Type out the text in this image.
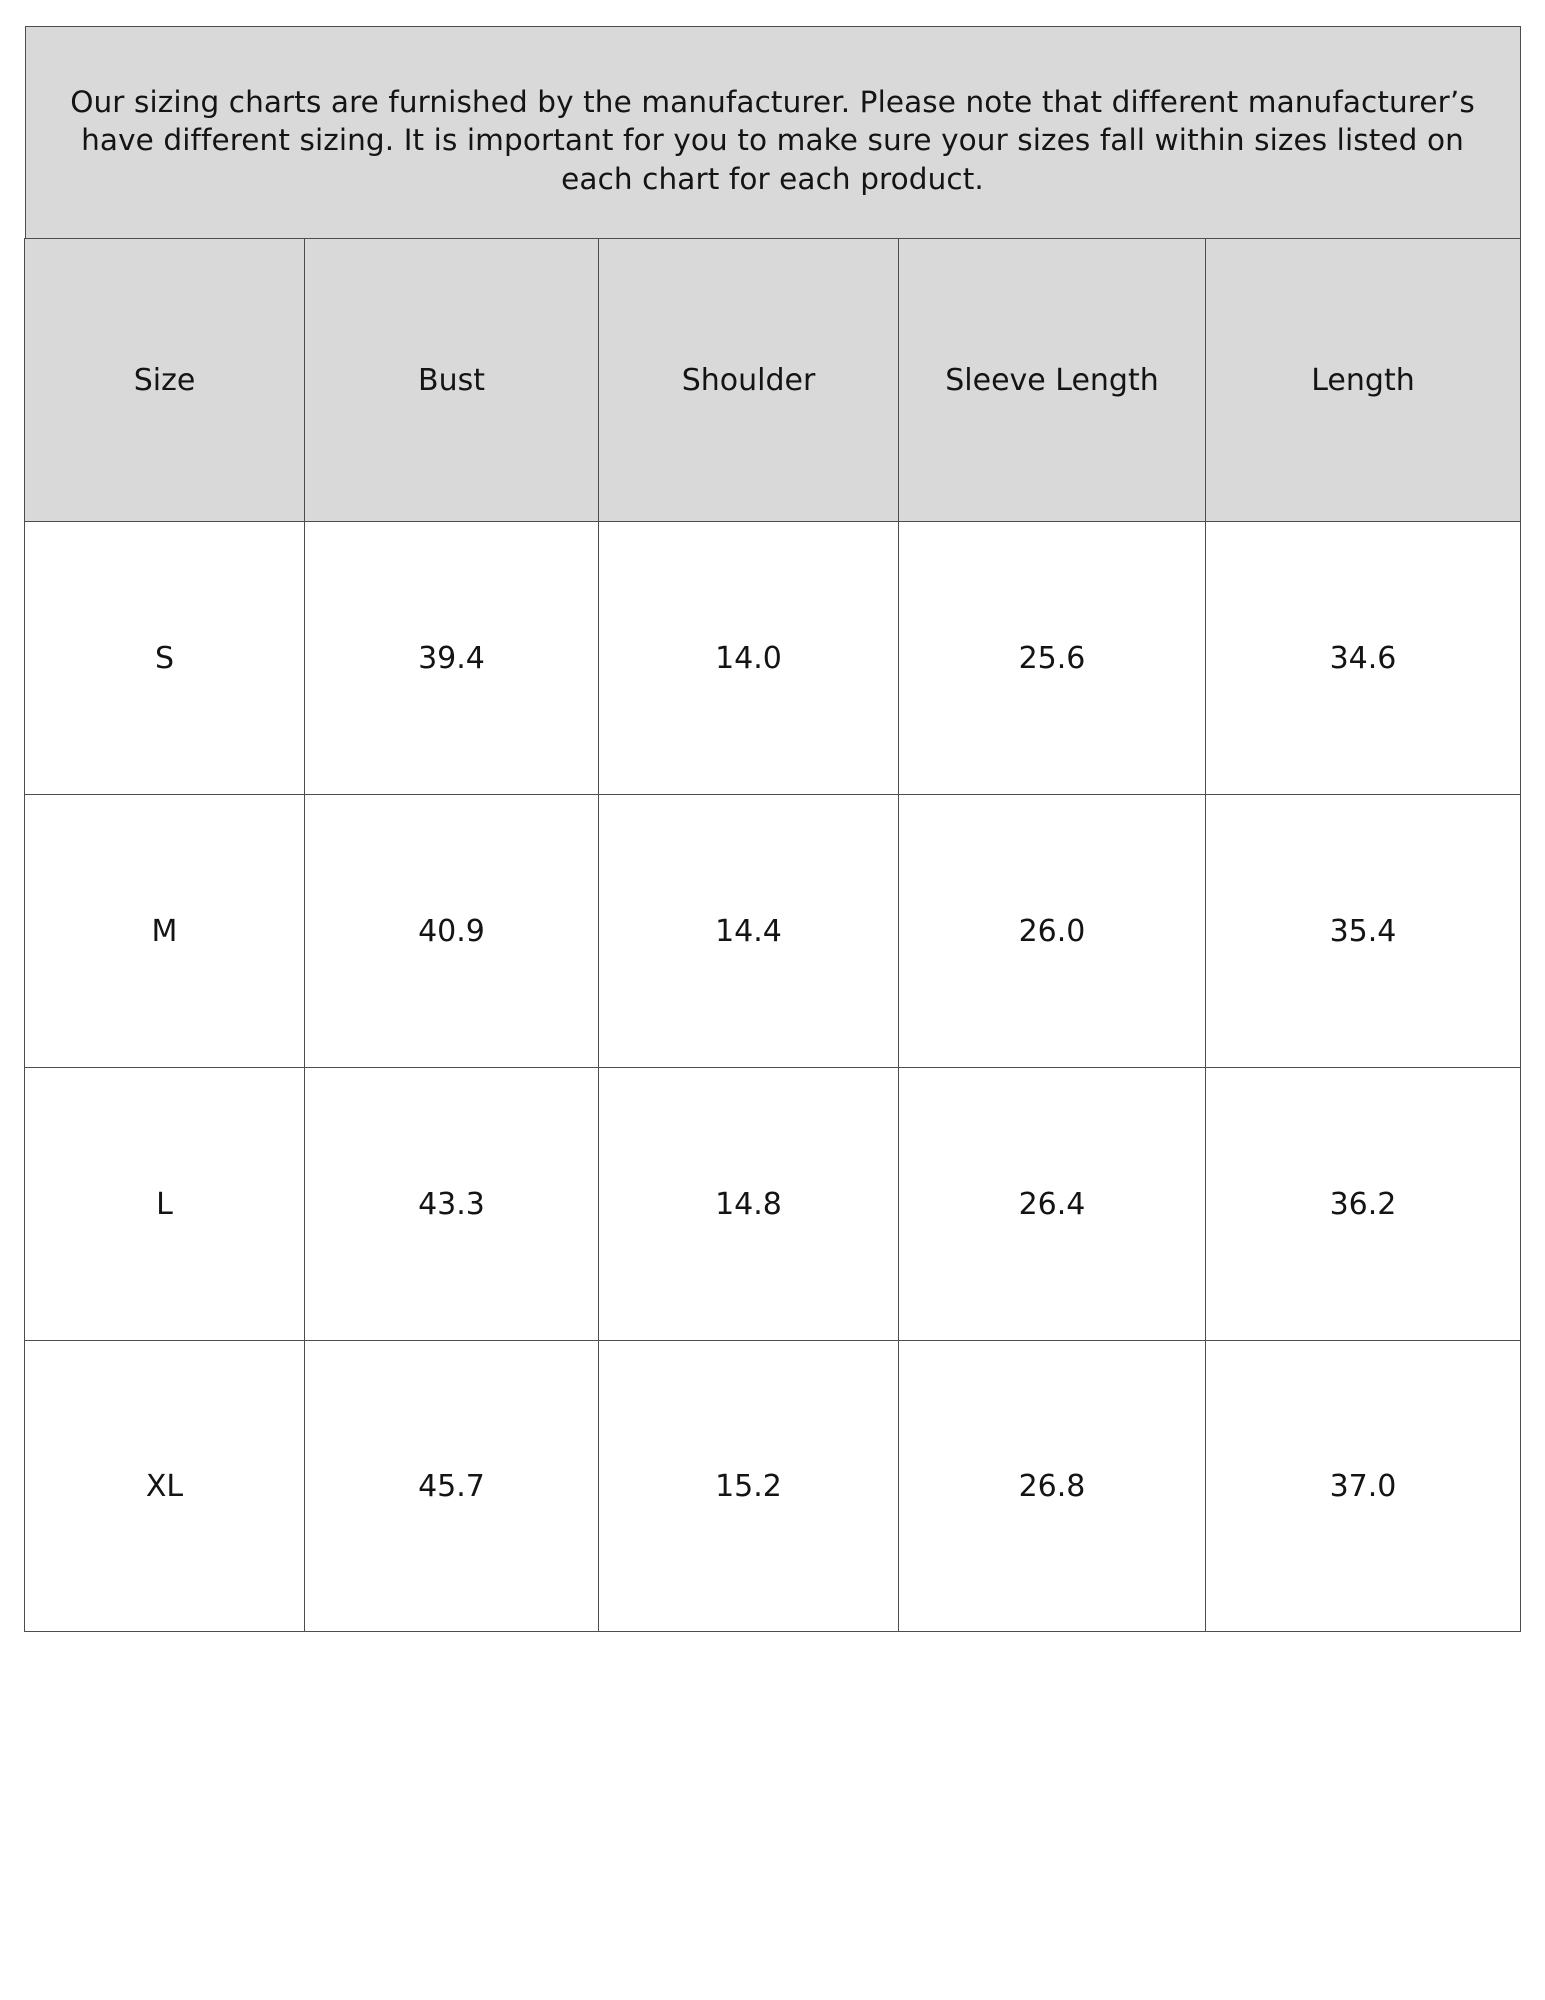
Our sizing charts are furnished by the manufacturer. Please note that different manufacturer’s have different sizing. It is important for you to make sure your sizes fall within sizes listed on each chart for each product.
Size	Bust	Shoulder	Sleeve Length	Length
S	39.4	14.0	25.6	34.6
M	40.9	14.4	26.0	35.4
L	43.3	14.8	26.4	36.2
XL	45.7	15.2	26.8	37.0
